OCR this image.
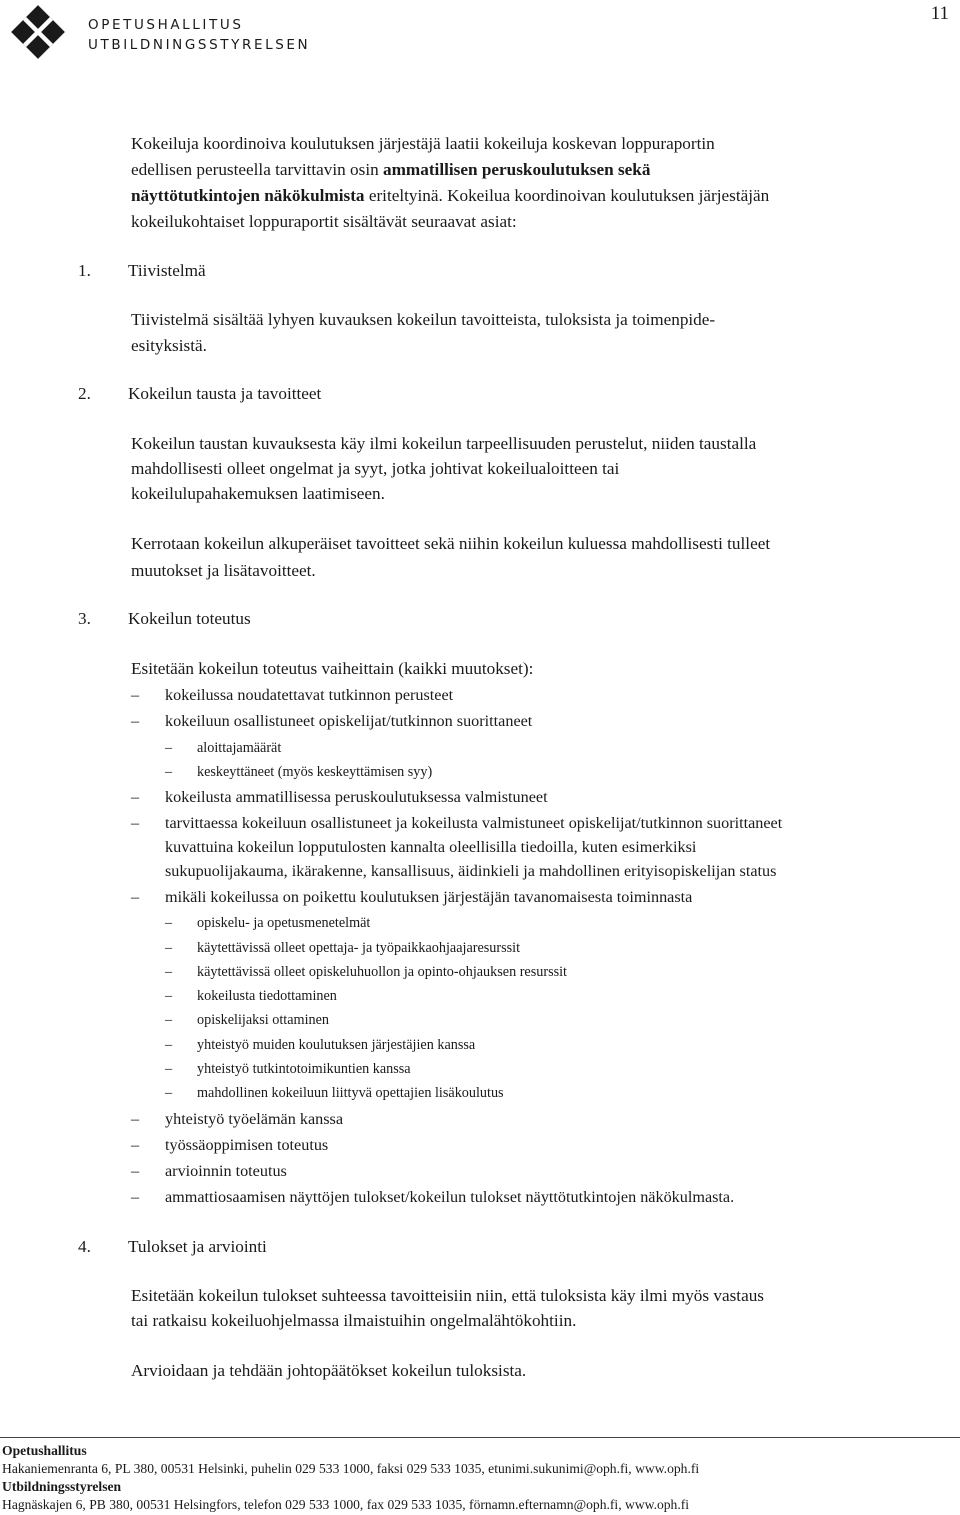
OPETUSHALLITUS
UTBILDNINGSSTYRELSEN
11

Kokeiluja koordinoiva koulutuksen järjestäjä laatii kokeiluja koskevan loppuraportin

edellisen perusteella tarvittavin osin ammatillisen peruskoulutuksen sekä

näyttötutkintojen näkökulmista eriteltyinä. Kokeilua koordinoivan koulutuksen järjestäjän

kokeilukohtaiset loppuraportit sisältävät seuraavat asiat:

1. Tiivistelmä

Tiivistelmä sisältää lyhyen kuvauksen kokeilun tavoitteista, tuloksista ja toimenpide-

esityksistä.

2. Kokeilun tausta ja tavoitteet

Kokeilun taustan kuvauksesta käy ilmi kokeilun tarpeellisuuden perustelut, niiden taustalla

mahdollisesti olleet ongelmat ja syyt, jotka johtivat kokeilualoitteen tai

kokeilulupahakemuksen laatimiseen.

Kerrotaan kokeilun alkuperäiset tavoitteet sekä niihin kokeilun kuluessa mahdollisesti tulleet

muutokset ja lisätavoitteet.

3. Kokeilun toteutus

Esitetään kokeilun toteutus vaiheittain (kaikki muutokset):

– kokeilussa noudatettavat tutkinnon perusteet
– kokeiluun osallistuneet opiskelijat/tutkinnon suorittaneet
– aloittajamäärät
– keskeyttäneet (myös keskeyttämisen syy)
– kokeilusta ammatillisessa peruskoulutuksessa valmistuneet
– tarvittaessa kokeiluun osallistuneet ja kokeilusta valmistuneet opiskelijat/tutkinnon suorittaneet
kuvattuina kokeilun lopputulosten kannalta oleellisilla tiedoilla, kuten esimerkiksi
sukupuolijakauma, ikärakenne, kansallisuus, äidinkieli ja mahdollinen erityisopiskelijan status
– mikäli kokeilussa on poikettu koulutuksen järjestäjän tavanomaisesta toiminnasta
– opiskelu- ja opetusmenetelmät
– käytettävissä olleet opettaja- ja työpaikkaohjaajaresurssit
– käytettävissä olleet opiskeluhuollon ja opinto-ohjauksen resurssit
– kokeilusta tiedottaminen
– opiskelijaksi ottaminen
– yhteistyö muiden koulutuksen järjestäjien kanssa
– yhteistyö tutkintotoimikuntien kanssa
– mahdollinen kokeiluun liittyvä opettajien lisäkoulutus
– yhteistyö työelämän kanssa
– työssäoppimisen toteutus
– arvioinnin toteutus
– ammattiosaamisen näyttöjen tulokset/kokeilun tulokset näyttötutkintojen näkökulmasta.

4. Tulokset ja arviointi

Esitetään kokeilun tulokset suhteessa tavoitteisiin niin, että tuloksista käy ilmi myös vastaus

tai ratkaisu kokeiluohjelmassa ilmaistuihin ongelmalähtökohtiin.

Arvioidaan ja tehdään johtopäätökset kokeilun tuloksista.

Opetushallitus
Hakaniemenranta 6, PL 380, 00531 Helsinki, puhelin 029 533 1000, faksi 029 533 1035, etunimi.sukunimi@oph.fi, www.oph.fi
Utbildningsstyrelsen
Hagnäskajen 6, PB 380, 00531 Helsingfors, telefon 029 533 1000, fax 029 533 1035, förnamn.efternamn@oph.fi, www.oph.fi
